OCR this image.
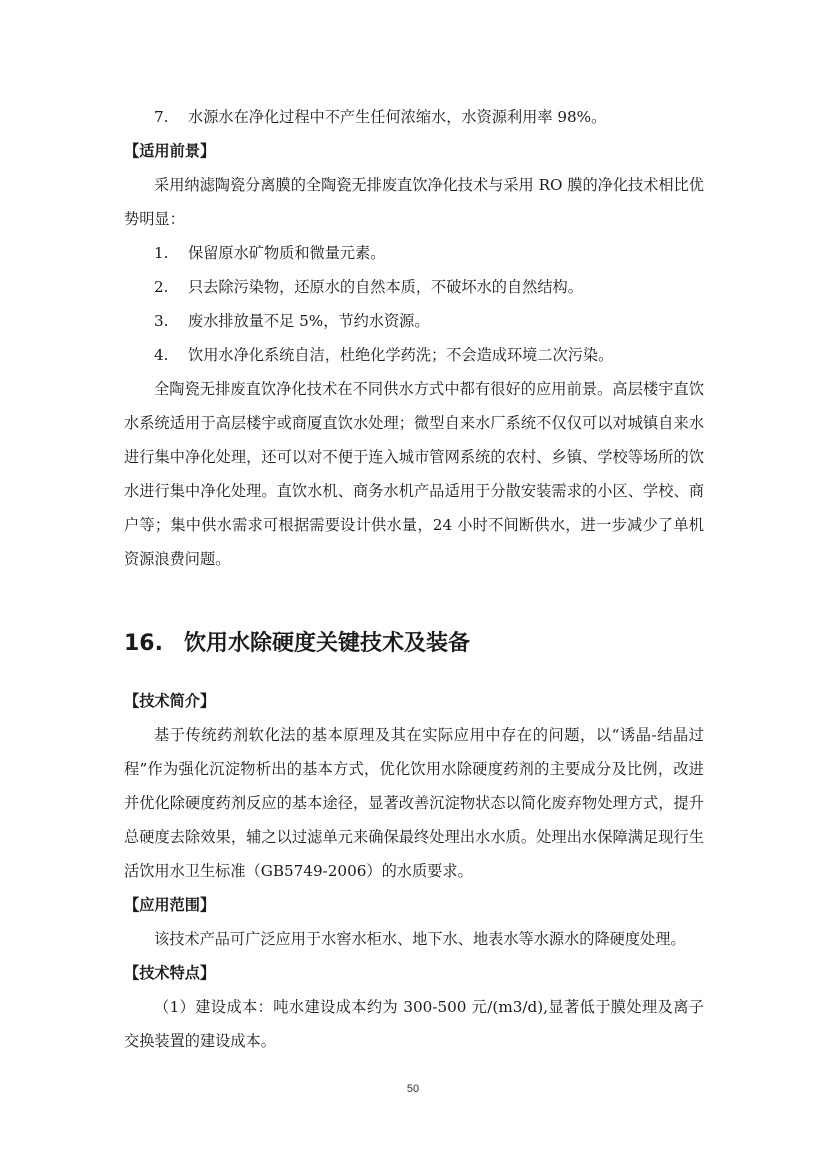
7. 水源水在净化过程中不产生任何浓缩水，水资源利用率 98%。

【适用前景】

采用纳滤陶瓷分离膜的全陶瓷无排废直饮净化技术与采用 RO 膜的净化技术相比优势明显：

1. 保留原水矿物质和微量元素。

2. 只去除污染物，还原水的自然本质，不破坏水的自然结构。

3. 废水排放量不足 5%，节约水资源。

4. 饮用水净化系统自洁，杜绝化学药洗；不会造成环境二次污染。

全陶瓷无排废直饮净化技术在不同供水方式中都有很好的应用前景。高层楼宇直饮水系统适用于高层楼宇或商厦直饮水处理；微型自来水厂系统不仅仅可以对城镇自来水进行集中净化处理，还可以对不便于连入城市管网系统的农村、乡镇、学校等场所的饮水进行集中净化处理。直饮水机、商务水机产品适用于分散安装需求的小区、学校、商户等；集中供水需求可根据需要设计供水量，24 小时不间断供水，进一步减少了单机资源浪费问题。

16. 饮用水除硬度关键技术及装备

【技术简介】

基于传统药剂软化法的基本原理及其在实际应用中存在的问题，以“诱晶-结晶过程”作为强化沉淀物析出的基本方式，优化饮用水除硬度药剂的主要成分及比例，改进并优化除硬度药剂反应的基本途径，显著改善沉淀物状态以简化废弃物处理方式，提升总硬度去除效果，辅之以过滤单元来确保最终处理出水水质。处理出水保障满足现行生活饮用水卫生标准（GB5749-2006）的水质要求。

【应用范围】

该技术产品可广泛应用于水窖水柜水、地下水、地表水等水源水的降硬度处理。

【技术特点】

（1）建设成本：吨水建设成本约为 300-500 元/(m3/d),显著低于膜处理及离子交换装置的建设成本。

50
